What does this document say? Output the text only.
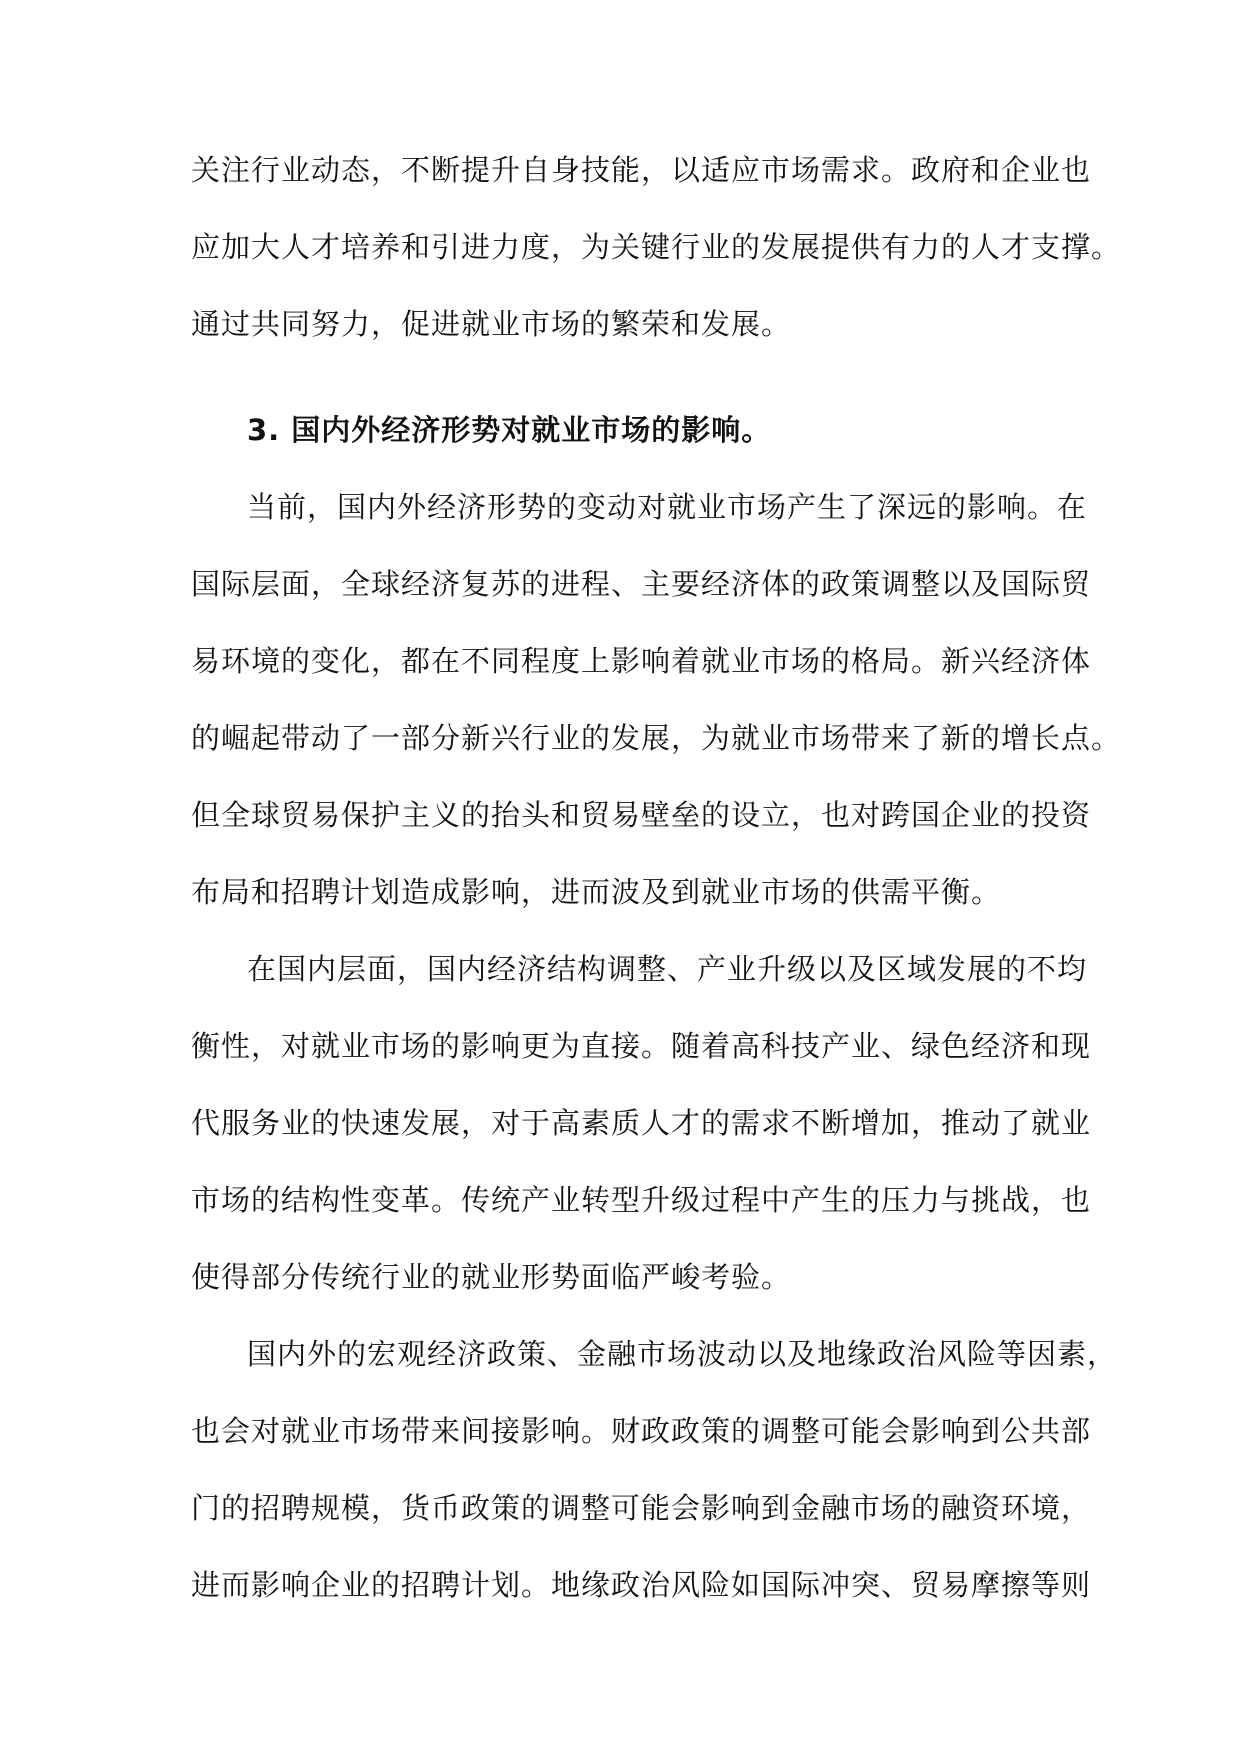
关注行业动态，不断提升自身技能，以适应市场需求。政府和企业也
应加大人才培养和引进力度，为关键行业的发展提供有力的人才支撑。
通过共同努力，促进就业市场的繁荣和发展。
3. 国内外经济形势对就业市场的影响。
当前，国内外经济形势的变动对就业市场产生了深远的影响。在
国际层面，全球经济复苏的进程、主要经济体的政策调整以及国际贸
易环境的变化，都在不同程度上影响着就业市场的格局。新兴经济体
的崛起带动了一部分新兴行业的发展，为就业市场带来了新的增长点。
但全球贸易保护主义的抬头和贸易壁垒的设立，也对跨国企业的投资
布局和招聘计划造成影响，进而波及到就业市场的供需平衡。
在国内层面，国内经济结构调整、产业升级以及区域发展的不均
衡性，对就业市场的影响更为直接。随着高科技产业、绿色经济和现
代服务业的快速发展，对于高素质人才的需求不断增加，推动了就业
市场的结构性变革。传统产业转型升级过程中产生的压力与挑战，也
使得部分传统行业的就业形势面临严峻考验。
国内外的宏观经济政策、金融市场波动以及地缘政治风险等因素，
也会对就业市场带来间接影响。财政政策的调整可能会影响到公共部
门的招聘规模，货币政策的调整可能会影响到金融市场的融资环境，
进而影响企业的招聘计划。地缘政治风险如国际冲突、贸易摩擦等则
